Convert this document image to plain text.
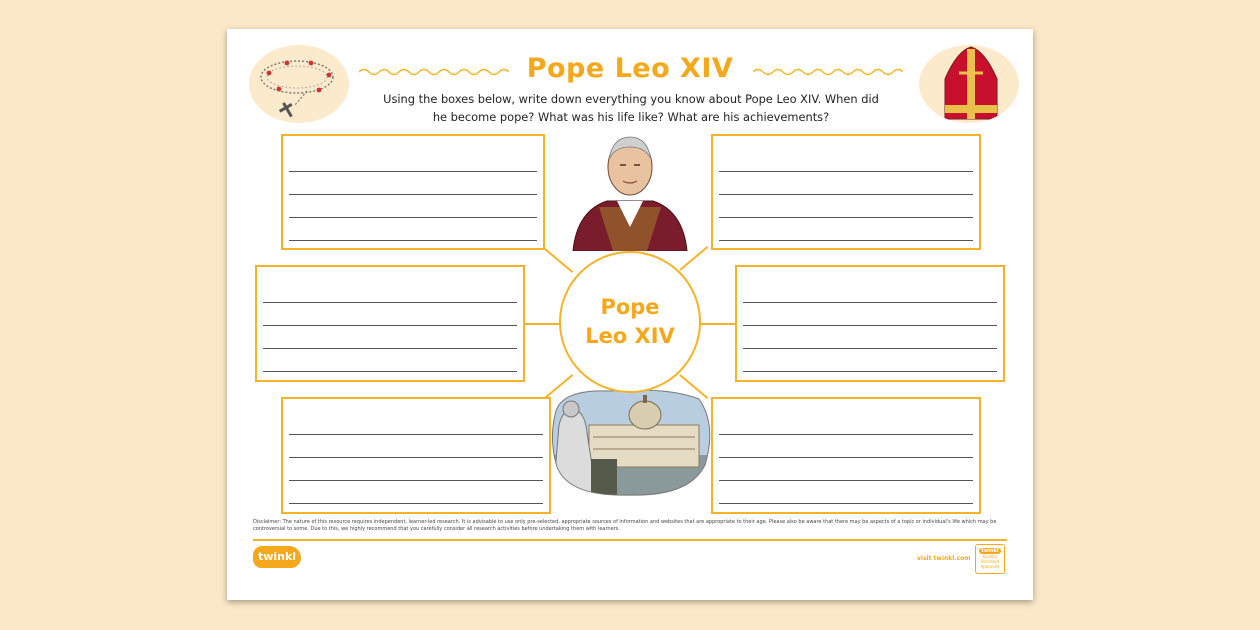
Pope Leo XIV
Using the boxes below, write down everything you know about Pope Leo XIV. When did he become pope? What was his life like? What are his achievements?
Pope Leo XIV
Disclaimer: The nature of this resource requires independent, learner-led research. It is advisable to use only pre-selected, appropriate sources of information and websites that are appropriate to their age. Please also be aware that there may be aspects of a topic or individual's life which may be controversial to some. Due to this, we highly recommend that you carefully consider all research activities before undertaking them with learners.
twinkl	visit twinkl.com
twinkl
Quality Standard Approved
